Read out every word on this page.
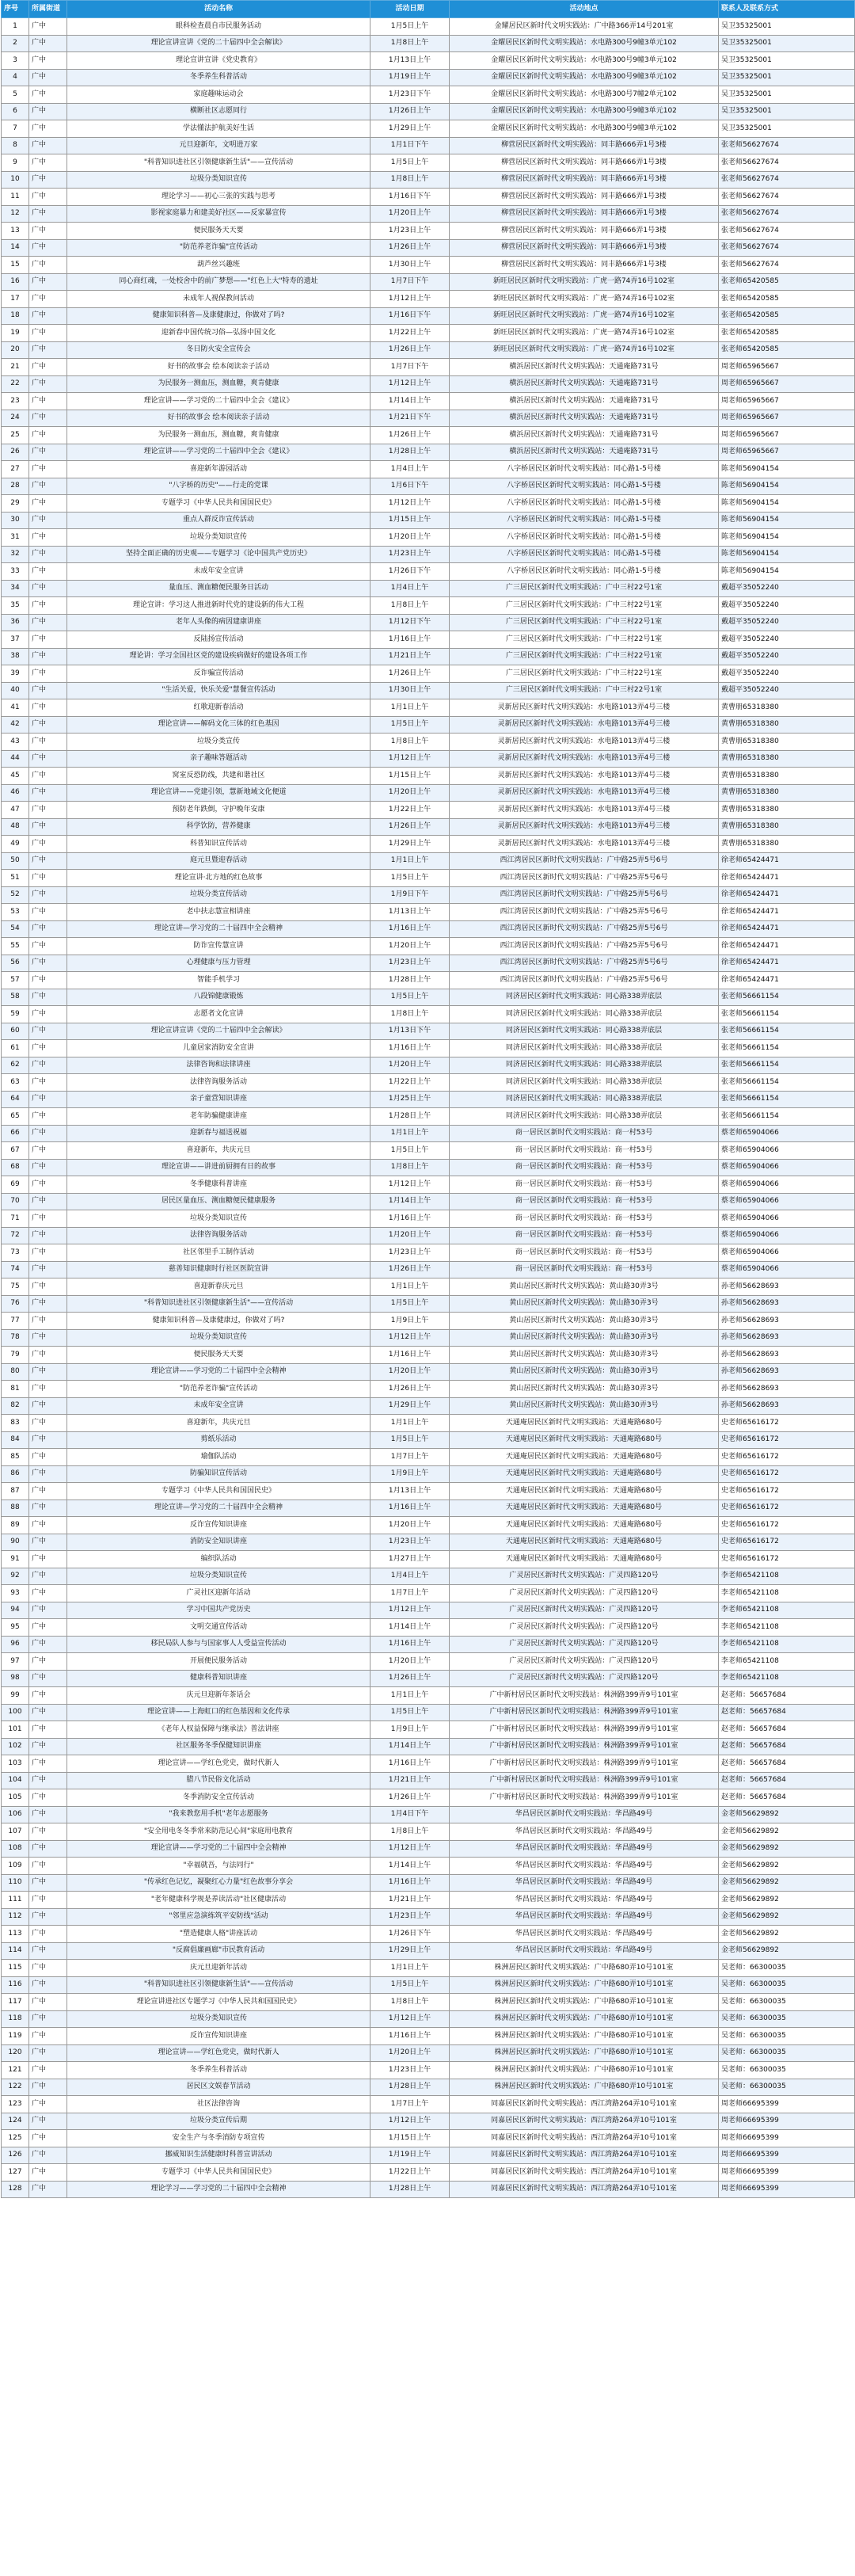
序号	所属街道	活动名称	活动日期	活动地点	联系人及联系方式
1	广中	眼科检查晨自市民服务活动	1月5日上午	金耀居民区新时代文明实践站：广中路366弄14号201室	吴卫35325001
2	广中	理论宣讲宣讲《党的二十届四中全会解读》	1月8日上午	金耀居民区新时代文明实践站：水电路300号9幢3单元102	吴卫35325001
3	广中	理论宣讲宣讲《党史教育》	1月13日上午	金耀居民区新时代文明实践站：水电路300号9幢3单元102	吴卫35325001
4	广中	冬季养生科普活动	1月19日上午	金耀居民区新时代文明实践站：水电路300号9幢3单元102	吴卫35325001
5	广中	家庭趣味运动会	1月23日下午	金耀居民区新时代文明实践站：水电路300号7幢2单元102	吴卫35325001
6	广中	横断社区志愿同行	1月26日上午	金耀居民区新时代文明实践站：水电路300号9幢3单元102	吴卫35325001
7	广中	学法懂法护航美好生活	1月29日上午	金耀居民区新时代文明实践站：水电路300号9幢3单元102	吴卫35325001
8	广中	元旦迎新年，文明进万家	1月1日下午	柳营居民区新时代文明实践站：同丰路666弄1号3楼	张老师56627674
9	广中	"科普知识进社区引领健康新生活"——宣传活动	1月5日上午	柳营居民区新时代文明实践站：同丰路666弄1号3楼	张老师56627674
10	广中	垃圾分类知识宣传	1月8日上午	柳营居民区新时代文明实践站：同丰路666弄1号3楼	张老师56627674
11	广中	理论学习——初心三张的实践与思考	1月16日下午	柳营居民区新时代文明实践站：同丰路666弄1号3楼	张老师56627674
12	广中	影视家庭暴力和建美好社区——反家暴宣传	1月20日上午	柳营居民区新时代文明实践站：同丰路666弄1号3楼	张老师56627674
13	广中	便民服务天天要	1月23日上午	柳营居民区新时代文明实践站：同丰路666弄1号3楼	张老师56627674
14	广中	"防范养老诈骗"宣传活动	1月26日上午	柳营居民区新时代文明实践站：同丰路666弄1号3楼	张老师56627674
15	广中	葫芦丝兴趣班	1月30日上午	柳营居民区新时代文明实践站：同丰路666弄1号3楼	张老师56627674
16	广中	同心商红魂，一处校舍中的前广梦想——"红色上大"特寿的遗址	1月7日下午	新旺居民区新时代文明实践站：广虎一路74弄16号102室	张老师65420585
17	广中	未成年人视保教问活动	1月12日上午	新旺居民区新时代文明实践站：广虎一路74弄16号102室	张老师65420585
18	广中	健康知识科普—及康健康过，你做对了吗?	1月16日下午	新旺居民区新时代文明实践站：广虎一路74弄16号102室	张老师65420585
19	广中	迎新春中国传统习俗—弘扬中国文化	1月22日上午	新旺居民区新时代文明实践站：广虎一路74弄16号102室	张老师65420585
20	广中	冬日防火安全宣传会	1月26日上午	新旺居民区新时代文明实践站：广虎一路74弄16号102室	张老师65420585
21	广中	好书的故事会 绘本阅读亲子活动	1月7日下午	横浜居民区新时代文明实践站：天通庵路731号	周老师65965667
22	广中	为民服务一测血压，测血糖，爽肯健康	1月12日上午	横浜居民区新时代文明实践站：天通庵路731号	周老师65965667
23	广中	理论宣讲——学习党的二十届四中全会《建议》	1月14日上午	横浜居民区新时代文明实践站：天通庵路731号	周老师65965667
24	广中	好书的故事会 绘本阅读亲子活动	1月21日下午	横浜居民区新时代文明实践站：天通庵路731号	周老师65965667
25	广中	为民服务一测血压，测血糖，爽肯健康	1月26日上午	横浜居民区新时代文明实践站：天通庵路731号	周老师65965667
26	广中	理论宣讲——学习党的二十届四中全会《建议》	1月28日上午	横浜居民区新时代文明实践站：天通庵路731号	周老师65965667
27	广中	喜迎新年游园活动	1月4日上午	八字桥居民区新时代文明实践站：同心路1-5号楼	陈老师56904154
28	广中	"八字桥的历史"——行走的党课	1月6日下午	八字桥居民区新时代文明实践站：同心路1-5号楼	陈老师56904154
29	广中	专题学习《中华人民共和国国民史》	1月12日上午	八字桥居民区新时代文明实践站：同心路1-5号楼	陈老师56904154
30	广中	重点人群反诈宣传活动	1月15日上午	八字桥居民区新时代文明实践站：同心路1-5号楼	陈老师56904154
31	广中	垃圾分类知识宣传	1月20日上午	八字桥居民区新时代文明实践站：同心路1-5号楼	陈老师56904154
32	广中	坚持全面正确的历史观——专题学习《论中国共产党历史》	1月23日上午	八字桥居民区新时代文明实践站：同心路1-5号楼	陈老师56904154
33	广中	未成年安全宣讲	1月26日下午	八字桥居民区新时代文明实践站：同心路1-5号楼	陈老师56904154
34	广中	量血压、测血糖便民服务日活动	1月4日上午	广三居民区新时代文明实践站：广中三村22号1室	戴超平35052240
35	广中	理论宣讲：学习这人推进新时代党的建设新的伟大工程	1月8日上午	广三居民区新时代文明实践站：广中三村22号1室	戴超平35052240
36	广中	老年人头像的病因建康讲座	1月12日下午	广三居民区新时代文明实践站：广中三村22号1室	戴超平35052240
37	广中	反陆扬宣传活动	1月16日上午	广三居民区新时代文明实践站：广中三村22号1室	戴超平35052240
38	广中	理论讲：学习全国社区党的建设疾病做好的建设各项工作	1月21日上午	广三居民区新时代文明实践站：广中三村22号1室	戴超平35052240
39	广中	反诈骗宣传活动	1月26日上午	广三居民区新时代文明实践站：广中三村22号1室	戴超平35052240
40	广中	"生活关爱，快乐关爱"慧餐宣传活动	1月30日上午	广三居民区新时代文明实践站：广中三村22号1室	戴超平35052240
41	广中	红歌迎新春活动	1月1日上午	灵新居民区新时代文明实践站：水电路1013弄4号三楼	黄曹朋65318380
42	广中	理论宣讲——解码文化三体的红色基因	1月5日上午	灵新居民区新时代文明实践站：水电路1013弄4号三楼	黄曹朋65318380
43	广中	垃圾分类宣传	1月8日上午	灵新居民区新时代文明实践站：水电路1013弄4号三楼	黄曹朋65318380
44	广中	亲子趣味答题活动	1月12日上午	灵新居民区新时代文明实践站：水电路1013弄4号三楼	黄曹朋65318380
45	广中	窝室反恐防线，共建和谐社区	1月15日上午	灵新居民区新时代文明实践站：水电路1013弄4号三楼	黄曹朋65318380
46	广中	理论宣讲——党建引领，慧新地域文化便道	1月20日上午	灵新居民区新时代文明实践站：水电路1013弄4号三楼	黄曹朋65318380
47	广中	预防老年跌倒，守护晚年安康	1月22日上午	灵新居民区新时代文明实践站：水电路1013弄4号三楼	黄曹朋65318380
48	广中	科学饮防，营养健康	1月26日上午	灵新居民区新时代文明实践站：水电路1013弄4号三楼	黄曹朋65318380
49	广中	科普知识宣传活动	1月29日上午	灵新居民区新时代文明实践站：水电路1013弄4号三楼	黄曹朋65318380
50	广中	庭元旦暨迎春活动	1月1日上午	西江湾居民区新时代文明实践站：广中路25弄5号6号	徐老师65424471
51	广中	理论宣讲·北方地的红色故事	1月5日上午	西江湾居民区新时代文明实践站：广中路25弄5号6号	徐老师65424471
52	广中	垃圾分类宣传活动	1月9日下午	西江湾居民区新时代文明实践站：广中路25弄5号6号	徐老师65424471
53	广中	老中扶志慧宣相讲座	1月13日上午	西江湾居民区新时代文明实践站：广中路25弄5号6号	徐老师65424471
54	广中	理论宣讲—学习党的二十届四中全会精神	1月16日上午	西江湾居民区新时代文明实践站：广中路25弄5号6号	徐老师65424471
55	广中	防诈宣传慧宣讲	1月20日上午	西江湾居民区新时代文明实践站：广中路25弄5号6号	徐老师65424471
56	广中	心理健康与压力管理	1月23日上午	西江湾居民区新时代文明实践站：广中路25弄5号6号	徐老师65424471
57	广中	智能手机学习	1月28日上午	西江湾居民区新时代文明实践站：广中路25弄5号6号	徐老师65424471
58	广中	八段锦健康锻炼	1月5日上午	同济居民区新时代文明实践站：同心路338弄底层	张老师56661154
59	广中	志愿者文化宣讲	1月8日上午	同济居民区新时代文明实践站：同心路338弄底层	张老师56661154
60	广中	理论宣讲宣讲《党的二十届四中全会解读》	1月13日下午	同济居民区新时代文明实践站：同心路338弄底层	张老师56661154
61	广中	儿童居家消防安全宣讲	1月16日上午	同济居民区新时代文明实践站：同心路338弄底层	张老师56661154
62	广中	法律咨询和法律讲座	1月20日上午	同济居民区新时代文明实践站：同心路338弄底层	张老师56661154
63	广中	法律咨询服务活动	1月22日上午	同济居民区新时代文明实践站：同心路338弄底层	张老师56661154
64	广中	亲子童营知识讲座	1月25日上午	同济居民区新时代文明实践站：同心路338弄底层	张老师56661154
65	广中	老年防骗健康讲座	1月28日上午	同济居民区新时代文明实践站：同心路338弄底层	张老师56661154
66	广中	迎新春与福送祝福	1月1日上午	商一居民区新时代文明实践站：商一村53号	蔡老师65904066
67	广中	喜迎新年，共庆元旦	1月5日上午	商一居民区新时代文明实践站：商一村53号	蔡老师65904066
68	广中	理论宣讲——讲进前厨拥有日的故事	1月8日上午	商一居民区新时代文明实践站：商一村53号	蔡老师65904066
69	广中	冬季健康科普讲座	1月12日上午	商一居民区新时代文明实践站：商一村53号	蔡老师65904066
70	广中	居民区量血压、测血糖便民健康服务	1月14日上午	商一居民区新时代文明实践站：商一村53号	蔡老师65904066
71	广中	垃圾分类知识宣传	1月16日上午	商一居民区新时代文明实践站：商一村53号	蔡老师65904066
72	广中	法律咨询服务活动	1月20日上午	商一居民区新时代文明实践站：商一村53号	蔡老师65904066
73	广中	社区邻里手工制作活动	1月23日上午	商一居民区新时代文明实践站：商一村53号	蔡老师65904066
74	广中	慈善知识健康时行社区医院宣讲	1月26日上午	商一居民区新时代文明实践站：商一村53号	蔡老师65904066
75	广中	喜迎新春庆元旦	1月1日上午	黄山居民区新时代文明实践站：黄山路30弄3号	孙老师56628693
76	广中	"科普知识进社区引领健康新生活"——宣传活动	1月5日上午	黄山居民区新时代文明实践站：黄山路30弄3号	孙老师56628693
77	广中	健康知识科普—及康健康过，你做对了吗?	1月9日上午	黄山居民区新时代文明实践站：黄山路30弄3号	孙老师56628693
78	广中	垃圾分类知识宣传	1月12日上午	黄山居民区新时代文明实践站：黄山路30弄3号	孙老师56628693
79	广中	便民服务天天要	1月16日上午	黄山居民区新时代文明实践站：黄山路30弄3号	孙老师56628693
80	广中	理论宣讲——学习党的二十届四中全会精神	1月20日上午	黄山居民区新时代文明实践站：黄山路30弄3号	孙老师56628693
81	广中	"防范养老诈骗"宣传活动	1月26日上午	黄山居民区新时代文明实践站：黄山路30弄3号	孙老师56628693
82	广中	未成年安全宣讲	1月29日上午	黄山居民区新时代文明实践站：黄山路30弄3号	孙老师56628693
83	广中	喜迎新年，共庆元旦	1月1日上午	天通庵居民区新时代文明实践站：天通庵路680号	史老师65616172
84	广中	剪纸乐活动	1月5日上午	天通庵居民区新时代文明实践站：天通庵路680号	史老师65616172
85	广中	瑜伽队活动	1月7日上午	天通庵居民区新时代文明实践站：天通庵路680号	史老师65616172
86	广中	防骗知识宣传活动	1月9日上午	天通庵居民区新时代文明实践站：天通庵路680号	史老师65616172
87	广中	专题学习《中华人民共和国国民史》	1月13日上午	天通庵居民区新时代文明实践站：天通庵路680号	史老师65616172
88	广中	理论宣讲—学习党的二十届四中全会精神	1月16日上午	天通庵居民区新时代文明实践站：天通庵路680号	史老师65616172
89	广中	反诈宣传知识讲座	1月20日上午	天通庵居民区新时代文明实践站：天通庵路680号	史老师65616172
90	广中	消防安全知识讲座	1月23日上午	天通庵居民区新时代文明实践站：天通庵路680号	史老师65616172
91	广中	编织队活动	1月27日上午	天通庵居民区新时代文明实践站：天通庵路680号	史老师65616172
92	广中	垃圾分类知识宣传	1月4日上午	广灵居民区新时代文明实践站：广灵四路120号	李老师65421108
93	广中	广灵社区迎新年活动	1月7日上午	广灵居民区新时代文明实践站：广灵四路120号	李老师65421108
94	广中	学习中国共产党历史	1月12日上午	广灵居民区新时代文明实践站：广灵四路120号	李老师65421108
95	广中	文明交通宣传活动	1月14日上午	广灵居民区新时代文明实践站：广灵四路120号	李老师65421108
96	广中	移民局队人参与与国家事人人受益宣传活动	1月16日上午	广灵居民区新时代文明实践站：广灵四路120号	李老师65421108
97	广中	开展便民服务活动	1月20日上午	广灵居民区新时代文明实践站：广灵四路120号	李老师65421108
98	广中	健康科普知识讲座	1月26日上午	广灵居民区新时代文明实践站：广灵四路120号	李老师65421108
99	广中	庆元旦迎新年茶话会	1月1日上午	广中新村居民区新时代文明实践站：株洲路399弄9号101室	赵老师：56657684
100	广中	理论宣讲——上海虹口的红色基因和文化传承	1月5日上午	广中新村居民区新时代文明实践站：株洲路399弄9号101室	赵老师：56657684
101	广中	《老年人权益保障与继承法》普法讲座	1月9日上午	广中新村居民区新时代文明实践站：株洲路399弄9号101室	赵老师：56657684
102	广中	社区服务冬季保健知识讲座	1月14日上午	广中新村居民区新时代文明实践站：株洲路399弄9号101室	赵老师：56657684
103	广中	理论宣讲——学红色党史，做时代新人	1月16日上午	广中新村居民区新时代文明实践站：株洲路399弄9号101室	赵老师：56657684
104	广中	腊八节民俗文化活动	1月21日上午	广中新村居民区新时代文明实践站：株洲路399弄9号101室	赵老师：56657684
105	广中	冬季消防安全宣传活动	1月26日上午	广中新村居民区新时代文明实践站：株洲路399弄9号101室	赵老师：56657684
106	广中	"我来教您用手机"老年志愿服务	1月4日下午	华昌居民区新时代文明实践站：华昌路49号	金老师56629892
107	广中	"安全用电冬冬季常来防范记心间"家庭用电教育	1月8日上午	华昌居民区新时代文明实践站：华昌路49号	金老师56629892
108	广中	理论宣讲——学习党的二十届四中全会精神	1月12日上午	华昌居民区新时代文明实践站：华昌路49号	金老师56629892
109	广中	"幸福就吾，与法同行"	1月14日上午	华昌居民区新时代文明实践站：华昌路49号	金老师56629892
110	广中	"传承红色记忆，凝聚红心力量"红色故事分享会	1月16日上午	华昌居民区新时代文明实践站：华昌路49号	金老师56629892
111	广中	"老年健康科学规是养读活动"社区健康活动	1月21日上午	华昌居民区新时代文明实践站：华昌路49号	金老师56629892
112	广中	"邻里应急演练筑平安防线"活动	1月23日上午	华昌居民区新时代文明实践站：华昌路49号	金老师56629892
113	广中	"塑造健康人格"讲座活动	1月26日下午	华昌居民区新时代文明实践站：华昌路49号	金老师56629892
114	广中	"反腐倡廉画廊"市民教育活动	1月29日上午	华昌居民区新时代文明实践站：华昌路49号	金老师56629892
115	广中	庆元旦迎新年活动	1月1日上午	株洲居民区新时代文明实践站：广中路680弄10号101室	吴老师：66300035
116	广中	"科普知识进社区引领健康新生活"——宣传活动	1月5日上午	株洲居民区新时代文明实践站：广中路680弄10号101室	吴老师：66300035
117	广中	理论宣讲进社区专题学习《中华人民共和国国民史》	1月8日上午	株洲居民区新时代文明实践站：广中路680弄10号101室	吴老师：66300035
118	广中	垃圾分类知识宣传	1月12日上午	株洲居民区新时代文明实践站：广中路680弄10号101室	吴老师：66300035
119	广中	反诈宣传知识讲座	1月16日上午	株洲居民区新时代文明实践站：广中路680弄10号101室	吴老师：66300035
120	广中	理论宣讲——学红色党史，做时代新人	1月20日上午	株洲居民区新时代文明实践站：广中路680弄10号101室	吴老师：66300035
121	广中	冬季养生科普活动	1月23日上午	株洲居民区新时代文明实践站：广中路680弄10号101室	吴老师：66300035
122	广中	居民区文娱春节活动	1月28日上午	株洲居民区新时代文明实践站：广中路680弄10号101室	吴老师：66300035
123	广中	社区法律咨询	1月7日上午	同嘉居民区新时代文明实践站：西江湾路264弄10号101室	周老师66695399
124	广中	垃圾分类宣传后期	1月12日上午	同嘉居民区新时代文明实践站：西江湾路264弄10号101室	周老师66695399
125	广中	安全生产与冬季消防专项宣传	1月15日上午	同嘉居民区新时代文明实践站：西江湾路264弄10号101室	周老师66695399
126	广中	挪威知识生活健康时科普宣讲活动	1月19日上午	同嘉居民区新时代文明实践站：西江湾路264弄10号101室	周老师66695399
127	广中	专题学习《中华人民共和国国民史》	1月22日上午	同嘉居民区新时代文明实践站：西江湾路264弄10号101室	周老师66695399
128	广中	理论学习——学习党的二十届四中全会精神	1月28日上午	同嘉居民区新时代文明实践站：西江湾路264弄10号101室	周老师66695399
